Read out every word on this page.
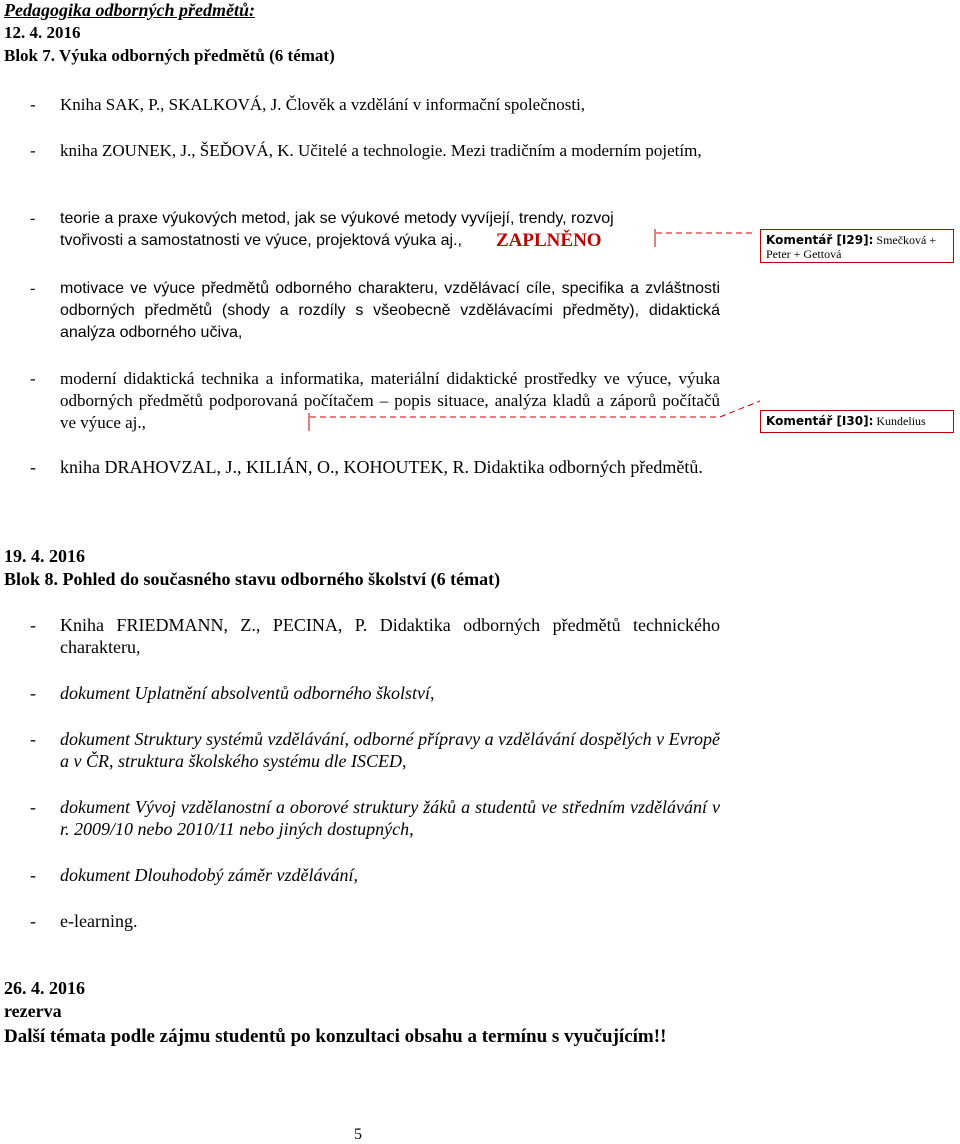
Pedagogika odborných předmětů:
12. 4. 2016
Blok 7. Výuka odborných předmětů (6 témat)
- Kniha SAK, P., SKALKOVÁ, J. Člověk a vzdělání v informační společnosti,
- kniha ZOUNEK, J., ŠEĎOVÁ, K. Učitelé a technologie. Mezi tradičním a moderním pojetím,
- teorie a praxe výukových metod, jak se výukové metody vyvíjejí, trendy, rozvoj tvořivosti a samostatnosti ve výuce, projektová výuka aj.,	ZAPLNĚNO
- motivace ve výuce předmětů odborného charakteru, vzdělávací cíle, specifika a zvláštnosti odborných předmětů (shody a rozdíly s všeobecně vzdělávacími předměty), didaktická analýza odborného učiva,
- moderní didaktická technika a informatika, materiální didaktické prostředky ve výuce, výuka odborných předmětů podporovaná počítačem – popis situace, analýza kladů a záporů počítačů ve výuce aj.,
- kniha DRAHOVZAL, J., KILIÁN, O., KOHOUTEK, R. Didaktika odborných předmětů.
Komentář [I29]: Smečková + Peter + Gettová
Komentář [I30]: Kundelius
19. 4. 2016
Blok 8. Pohled do současného stavu odborného školství (6 témat)
- Kniha FRIEDMANN, Z., PECINA, P. Didaktika odborných předmětů technického charakteru,
- dokument Uplatnění absolventů odborného školství,
- dokument Struktury systémů vzdělávání, odborné přípravy a vzdělávání dospělých v Evropě a v ČR, struktura školského systému dle ISCED,
- dokument Vývoj vzdělanostní a oborové struktury žáků a studentů ve středním vzdělávání v r. 2009/10 nebo 2010/11 nebo jiných dostupných,
- dokument Dlouhodobý záměr vzdělávání,
- e-learning.
26. 4. 2016
rezerva
Další témata podle zájmu studentů po konzultaci obsahu a termínu s vyučujícím!!
5
